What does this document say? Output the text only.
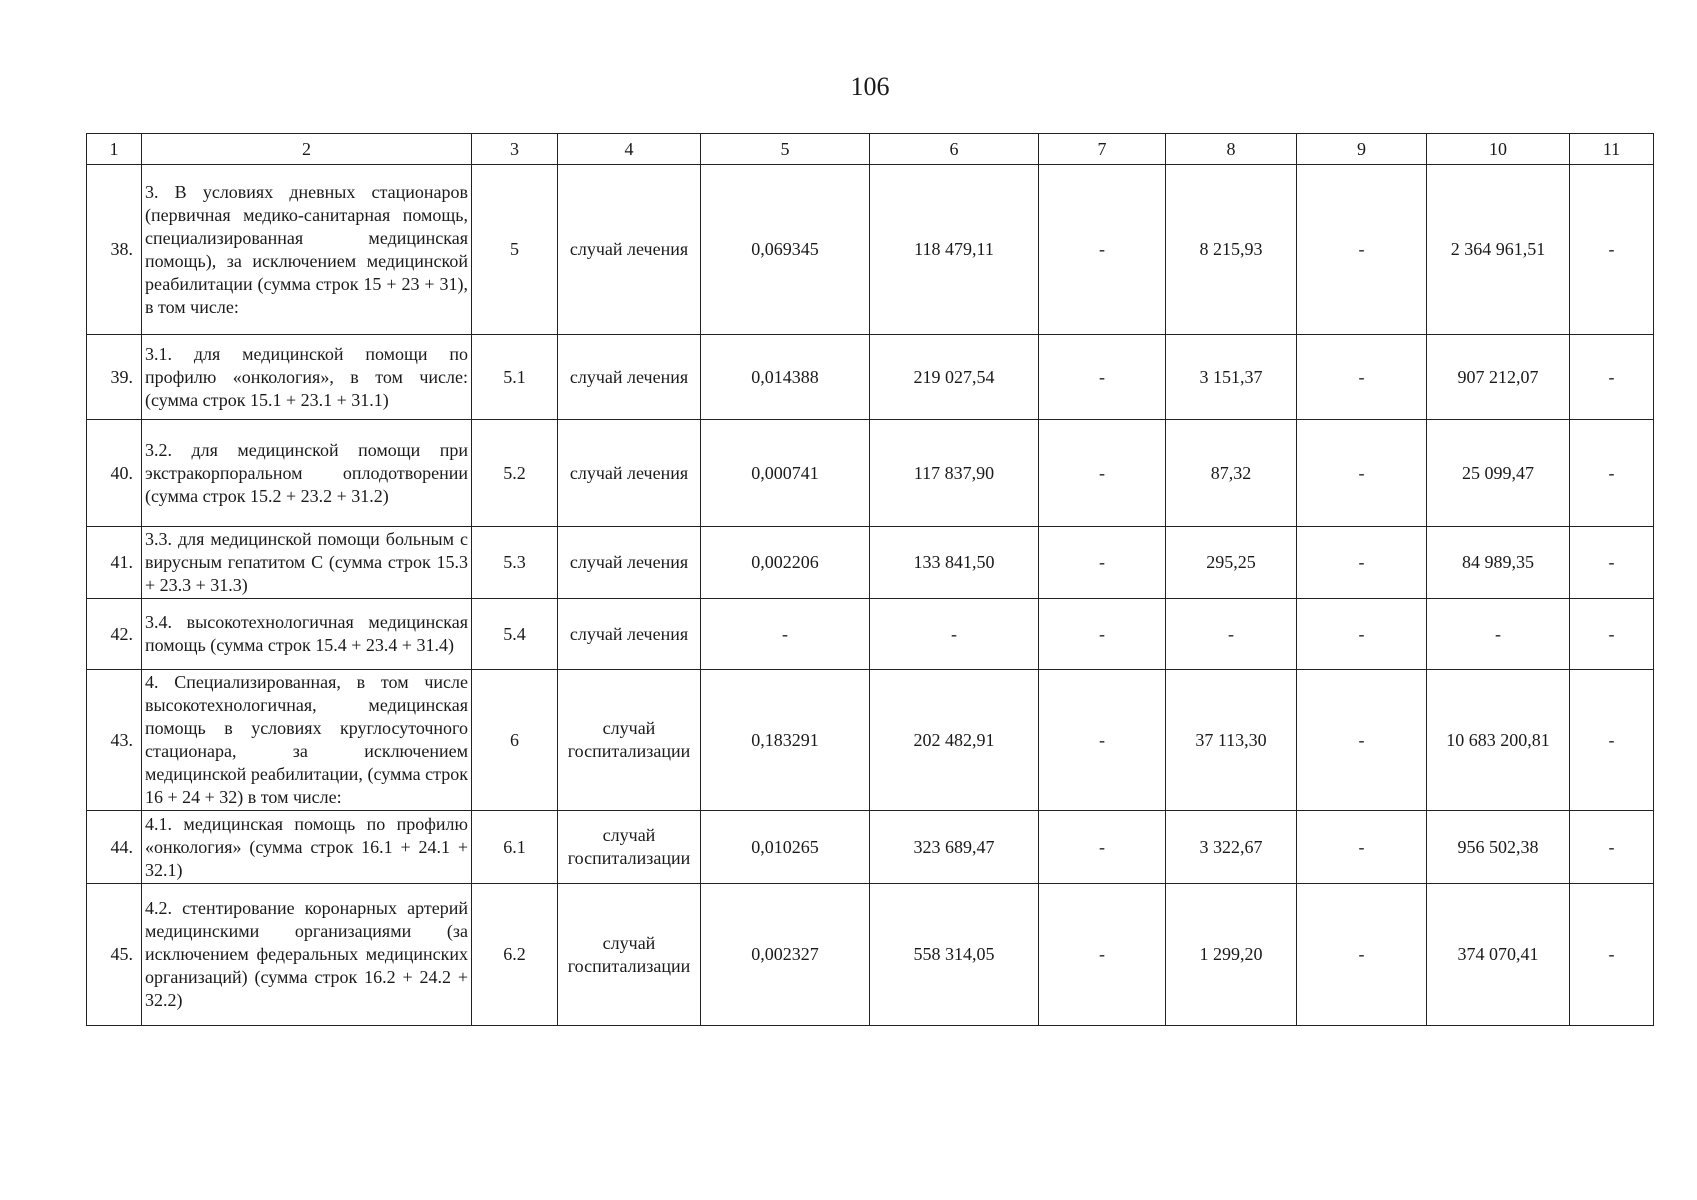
106
1	2	3	4	5	6	7	8	9	10	11
38.	3. В условиях дневных стационаров (первичная медико-санитарная помощь, специализированная медицинская помощь), за исключением медицинской реабилитации (сумма строк 15 + 23 + 31), в том числе:	5	случай лечения	0,069345	118 479,11	-	8 215,93	-	2 364 961,51	-
39.	3.1. для медицинской помощи по профилю «онкология», в том числе: (сумма строк 15.1 + 23.1 + 31.1)	5.1	случай лечения	0,014388	219 027,54	-	3 151,37	-	907 212,07	-
40.	3.2. для медицинской помощи при экстракорпоральном оплодотворении (сумма строк 15.2 + 23.2 + 31.2)	5.2	случай лечения	0,000741	117 837,90	-	87,32	-	25 099,47	-
41.	3.3. для медицинской помощи больным с вирусным гепатитом С (сумма строк 15.3 + 23.3 + 31.3)	5.3	случай лечения	0,002206	133 841,50	-	295,25	-	84 989,35	-
42.	3.4. высокотехнологичная медицинская помощь (сумма строк 15.4 + 23.4 + 31.4)	5.4	случай лечения	-	-	-	-	-	-	-
43.	4. Специализированная, в том числе высокотехнологичная, медицинская помощь в условиях круглосуточного стационара, за исключением медицинской реабилитации, (сумма строк 16 + 24 + 32) в том числе:	6	случай госпитализации	0,183291	202 482,91	-	37 113,30	-	10 683 200,81	-
44.	4.1. медицинская помощь по профилю «онкология» (сумма строк 16.1 + 24.1 + 32.1)	6.1	случай госпитализации	0,010265	323 689,47	-	3 322,67	-	956 502,38	-
45.	4.2. стентирование коронарных артерий медицинскими организациями (за исключением федеральных медицинских организаций) (сумма строк 16.2 + 24.2 + 32.2)	6.2	случай госпитализации	0,002327	558 314,05	-	1 299,20	-	374 070,41	-
